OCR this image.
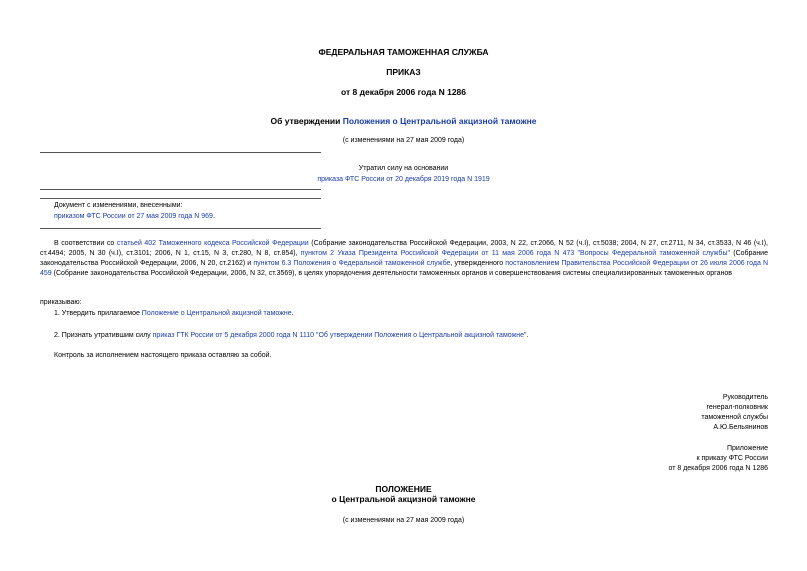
ФЕДЕРАЛЬНАЯ ТАМОЖЕННАЯ СЛУЖБА
ПРИКАЗ
от 8 декабря 2006 года N 1286
Об утверждении Положения о Центральной акцизной таможне
(с изменениями на 27 мая 2009 года)
Утратил силу на основании
приказа ФТС России от 20 декабря 2019 года N 1919
Документ с изменениями, внесенными:
приказом ФТС России от 27 мая 2009 года N 969.
В соответствии со статьей 402 Таможенного кодекса Российской Федерации (Собрание законодательства Российской Федерации, 2003, N 22, ст.2066, N 52 (ч.I), ст.5038; 2004, N 27, ст.2711, N 34, ст.3533, N 46 (ч.I), ст.4494; 2005, N 30 (ч.I), ст.3101; 2006, N 1, ст.15, N 3, ст.280, N 8, ст.854), пунктом 2 Указа Президента Российской Федерации от 11 мая 2006 года N 473 "Вопросы Федеральной таможенной службы" (Собрание законодательства Российской Федерации, 2006, N 20, ст.2162) и пунктом 6.3 Положения о Федеральной таможенной службе, утвержденного постановлением Правительства Российской Федерации от 26 июля 2006 года N 459 (Собрание законодательства Российской Федерации, 2006, N 32, ст.3569), в целях упорядочения деятельности таможенных органов и совершенствования системы специализированных таможенных органов
приказываю:
1. Утвердить прилагаемое Положение о Центральной акцизной таможне.
2. Признать утратившим силу приказ ГТК России от 5 декабря 2000 года N 1110 "Об утверждении Положения о Центральной акцизной таможне".
Контроль за исполнением настоящего приказа оставляю за собой.
Руководитель
генерал-полковник
таможенной службы
А.Ю.Бельянинов
Приложение
к приказу ФТС России
от 8 декабря 2006 года N 1286
ПОЛОЖЕНИЕ
о Центральной акцизной таможне
(с изменениями на 27 мая 2009 года)
